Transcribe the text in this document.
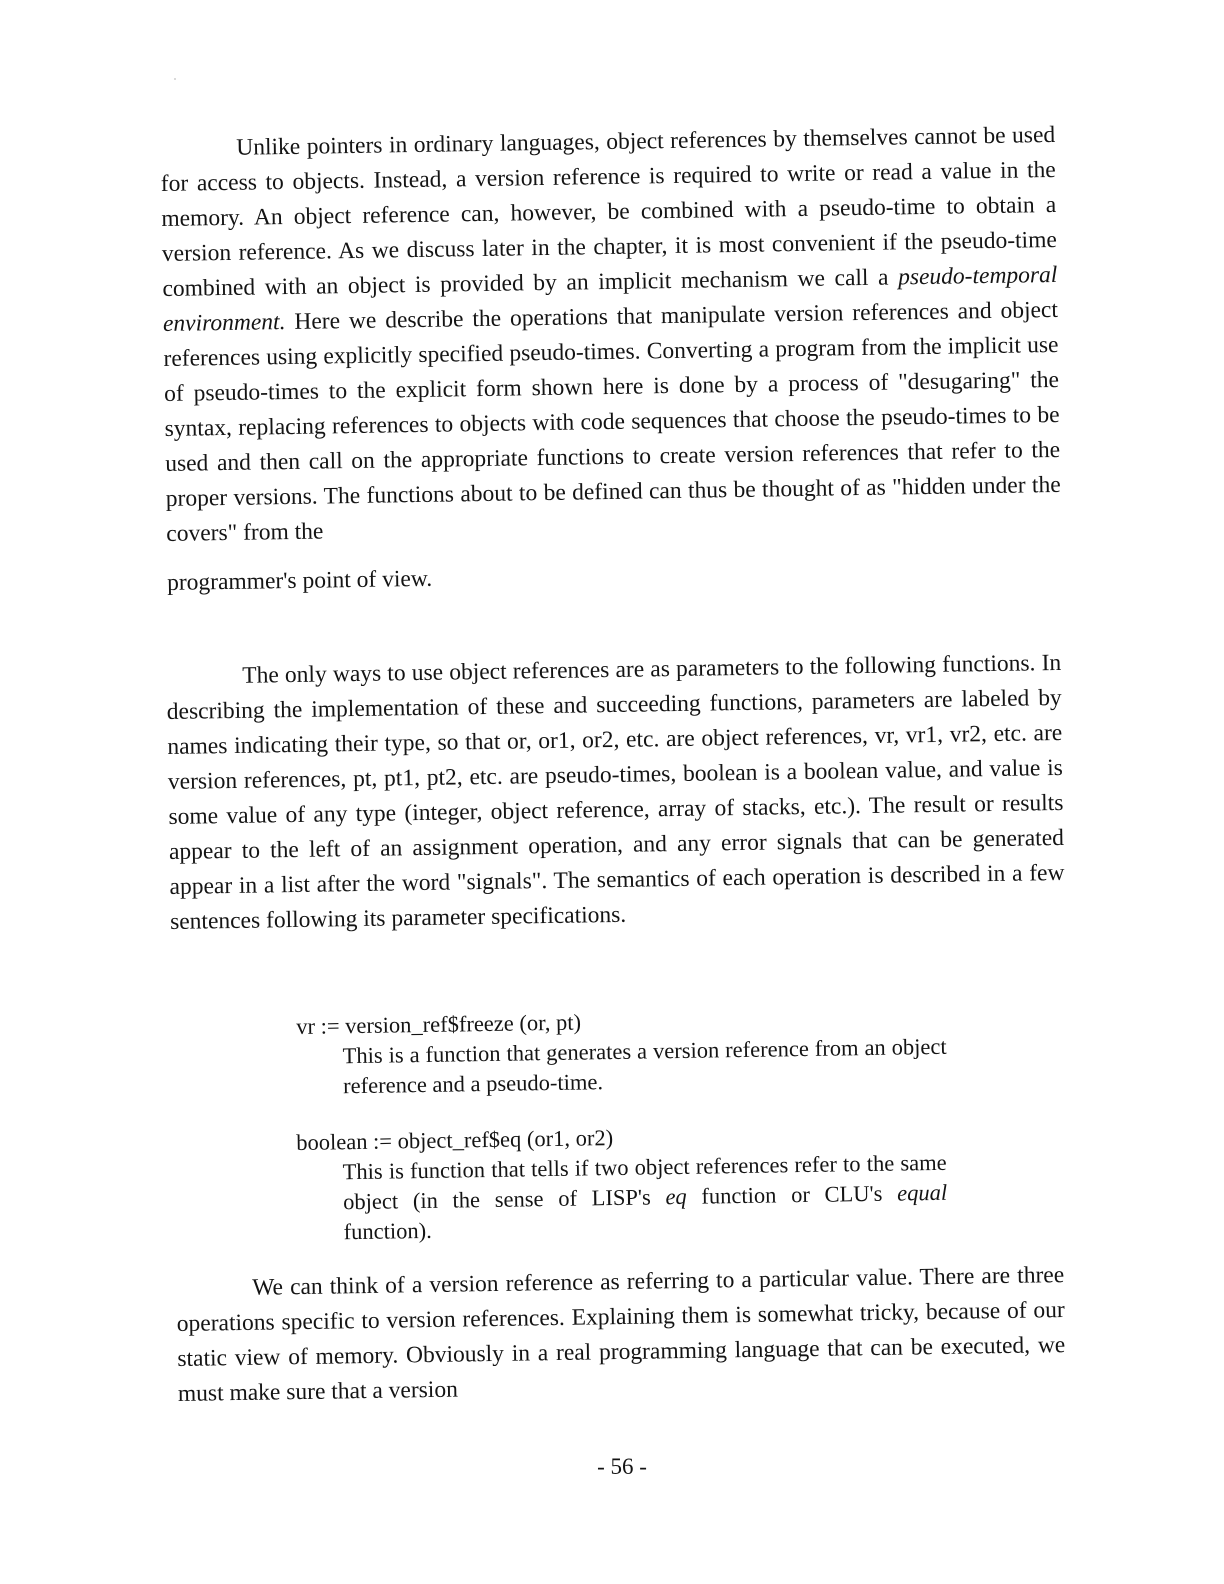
Unlike pointers in ordinary languages, object references by themselves cannot be used for access to objects. Instead, a version reference is required to write or read a value in the memory. An object reference can, however, be combined with a pseudo-time to obtain a version reference. As we discuss later in the chapter, it is most convenient if the pseudo-time combined with an object is provided by an implicit mechanism we call a pseudo-temporal environment. Here we describe the operations that manipulate version references and object references using explicitly specified pseudo-times. Converting a program from the implicit use of pseudo-times to the explicit form shown here is done by a process of "desugaring" the syntax, replacing references to objects with code sequences that choose the pseudo-times to be used and then call on the appropriate functions to create version references that refer to the proper versions. The functions about to be defined can thus be thought of as "hidden under the covers" from the

programmer's point of view.

The only ways to use object references are as parameters to the following functions. In describing the implementation of these and succeeding functions, parameters are labeled by names indicating their type, so that or, or1, or2, etc. are object references, vr, vr1, vr2, etc. are version references, pt, pt1, pt2, etc. are pseudo-times, boolean is a boolean value, and value is some value of any type (integer, object reference, array of stacks, etc.). The result or results appear to the left of an assignment operation, and any error signals that can be generated appear in a list after the word "signals". The semantics of each operation is described in a few sentences following its parameter specifications.

vr := version_ref$freeze (or, pt)

This is a function that generates a version reference from an object reference and a pseudo-time.

boolean := object_ref$eq (or1, or2)

This is function that tells if two object references refer to the same object (in the sense of LISP's eq function or CLU's equal function).

We can think of a version reference as referring to a particular value. There are three operations specific to version references. Explaining them is somewhat tricky, because of our static view of memory. Obviously in a real programming language that can be executed, we must make sure that a version

- 56 -
